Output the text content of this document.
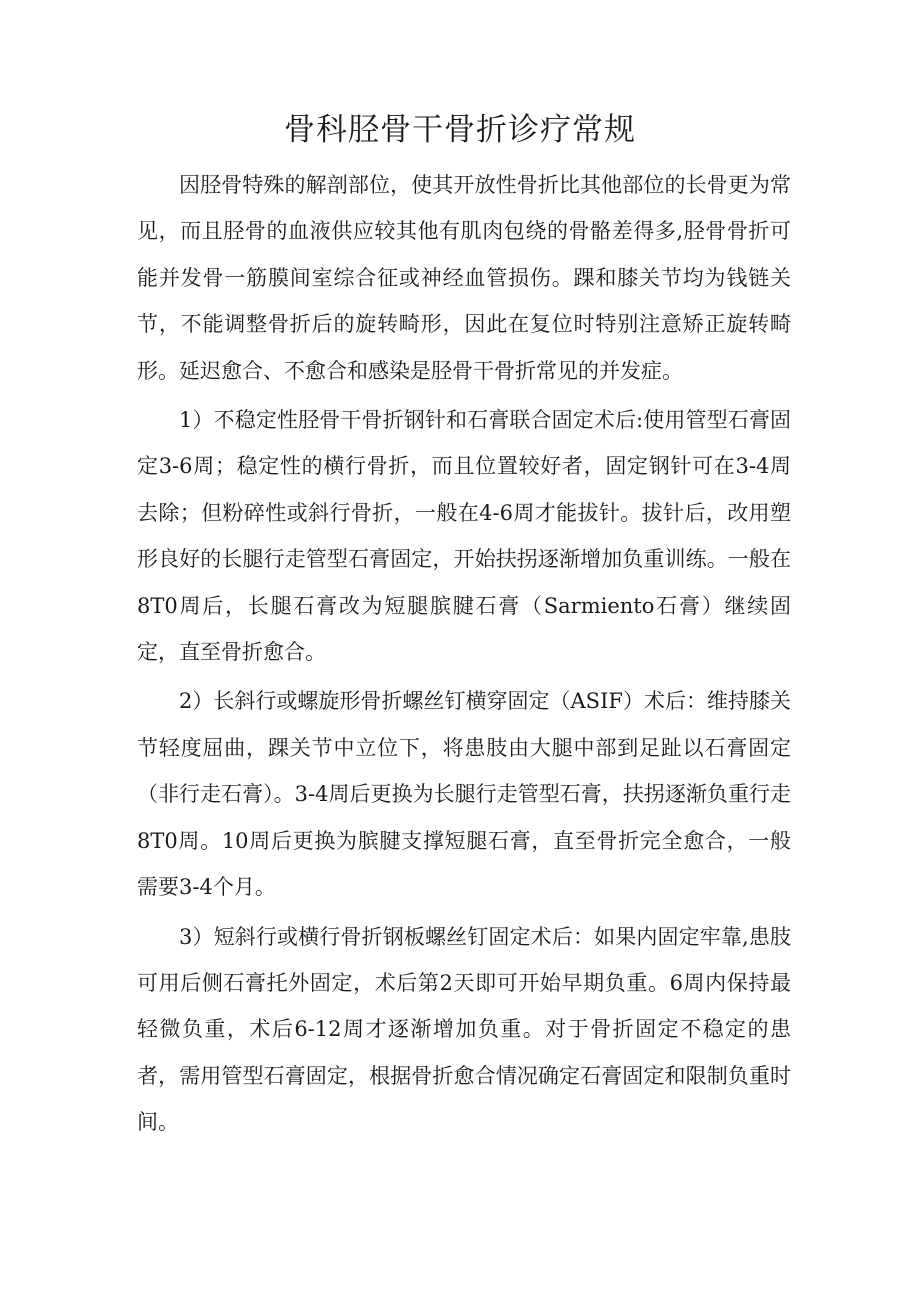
骨科胫骨干骨折诊疗常规

因胫骨特殊的解剖部位，使其开放性骨折比其他部位的长骨更为常见，而且胫骨的血液供应较其他有肌肉包绕的骨骼差得多,胫骨骨折可能并发骨一筋膜间室综合征或神经血管损伤。踝和膝关节均为钱链关节，不能调整骨折后的旋转畸形，因此在复位时特别注意矫正旋转畸形。延迟愈合、不愈合和感染是胫骨干骨折常见的并发症。

1）不稳定性胫骨干骨折钢针和石膏联合固定术后:使用管型石膏固定3-6周；稳定性的横行骨折，而且位置较好者，固定钢针可在3-4周去除；但粉碎性或斜行骨折，一般在4-6周才能拔针。拔针后，改用塑形良好的长腿行走管型石膏固定，开始扶拐逐渐增加负重训练。一般在8T0周后，长腿石膏改为短腿膑腱石膏（Sarmiento石膏）继续固定，直至骨折愈合。

2）长斜行或螺旋形骨折螺丝钉横穿固定（ASIF）术后：维持膝关节轻度屈曲，踝关节中立位下，将患肢由大腿中部到足趾以石膏固定（非行走石膏）。3-4周后更换为长腿行走管型石膏，扶拐逐渐负重行走8T0周。10周后更换为膑腱支撑短腿石膏，直至骨折完全愈合，一般需要3-4个月。

3）短斜行或横行骨折钢板螺丝钉固定术后：如果内固定牢靠,患肢可用后侧石膏托外固定，术后第2天即可开始早期负重。6周内保持最轻微负重，术后6-12周才逐渐增加负重。对于骨折固定不稳定的患者，需用管型石膏固定，根据骨折愈合情况确定石膏固定和限制负重时间。
